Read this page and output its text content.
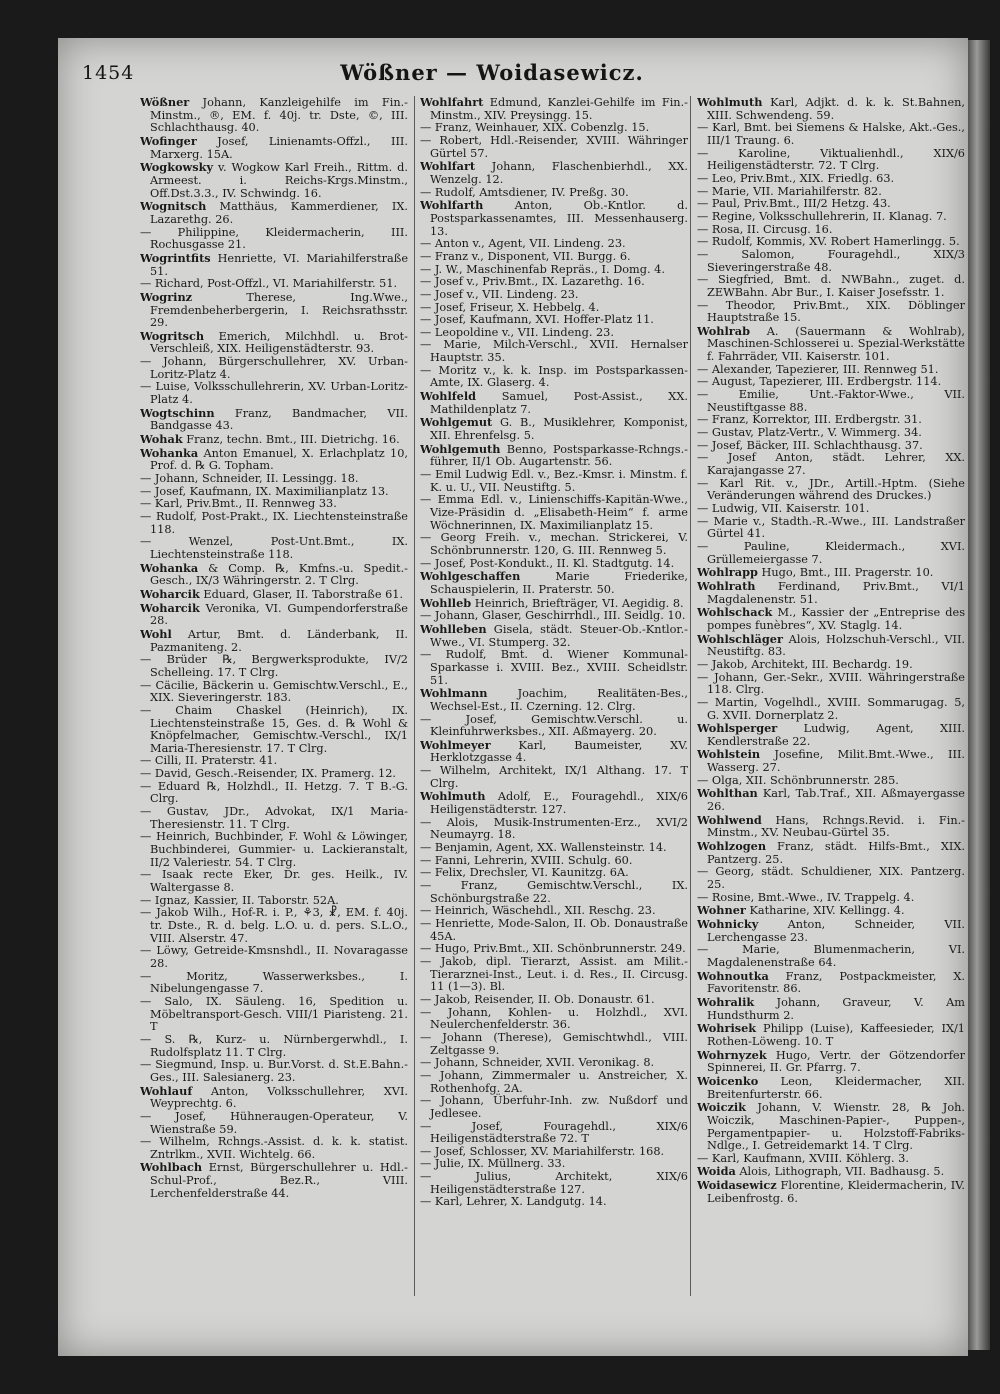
1454	Wößner — Woidasewicz.

Wößner Johann, Kanzleigehilfe im Fin.-Minstm., ®, EM. f. 40j. tr. Dste, ©, III. Schlachthausg. 40.

Wofinger Josef, Linienamts-Offzl., III. Marxerg. 15A.

Wogkowsky v. Wogkow Karl Freih., Rittm. d. Armeest. i. Reichs-Krgs.Minstm., Off.Dst.3.3., IV. Schwindg. 16.

Wognitsch Matthäus, Kammerdiener, IX. Lazarethg. 26.

— Philippine, Kleidermacherin, III. Rochusgasse 21.

Wogrintfits Henriette, VI. Mariahilferstraße 51.

— Richard, Post-Offzl., VI. Mariahilferstr. 51.

Wogrinz Therese, Ing.Wwe., Fremdenbeherbergerin, I. Reichsrathsstr. 29.

Wogritsch Emerich, Milchhdl. u. Brot-Verschleiß, XIX. Heiligenstädterstr. 93.

— Johann, Bürgerschullehrer, XV. Urban-Loritz-Platz 4.

— Luise, Volksschullehrerin, XV. Urban-Loritz-Platz 4.

Wogtschinn Franz, Bandmacher, VII. Bandgasse 43.

Wohak Franz, techn. Bmt., III. Dietrichg. 16.

Wohanka Anton Emanuel, X. Erlachplatz 10, Prof. d. ℞ G. Topham.

— Johann, Schneider, II. Lessingg. 18.

— Josef, Kaufmann, IX. Maximilianplatz 13.

— Karl, Priv.Bmt., II. Rennweg 33.

— Rudolf, Post-Prakt., IX. Liechtensteinstraße 118.

— Wenzel, Post-Unt.Bmt., IX. Liechtensteinstraße 118.

Wohanka & Comp. ℞, Kmfns.-u. Spedit.-Gesch., IX/3 Währingerstr. 2. T Clrg.

Woharcik Eduard, Glaser, II. Taborstraße 61.

Woharcik Veronika, VI. Gumpendorferstraße 28.

Wohl Artur, Bmt. d. Länderbank, II. Pazmaniteng. 2.

— Brüder ℞, Bergwerksprodukte, IV/2 Schelleing. 17. T Clrg.

— Cäcilie, Bäckerin u. Gemischtw.Verschl., E., XIX. Sieveringerstr. 183.

— Chaim Chaskel (Heinrich), IX. Liechtensteinstraße 15, Ges. d. ℞ Wohl & Knöpfelmacher, Gemischtw.-Verschl., IX/1 Maria-Theresienstr. 17. T Clrg.

— Cilli, II. Praterstr. 41.

— David, Gesch.-Reisender, IX. Pramerg. 12.

— Eduard ℞, Holzhdl., II. Hetzg. 7. T B.-G. Clrg.

— Gustav, JDr., Advokat, IX/1 Maria-Theresienstr. 11. T Clrg.

— Heinrich, Buchbinder, F. Wohl & Löwinger, Buchbinderei, Gummier- u. Lackieranstalt, II/2 Valeriestr. 54. T Clrg.

— Isaak recte Eker, Dr. ges. Heilk., IV. Waltergasse 8.

— Ignaz, Kassier, II. Taborstr. 52A.

— Jakob Wilh., Hof-R. i. P., ⚘3, ☧, EM. f. 40j. tr. Dste., R. d. belg. L.O. u. d. pers. S.L.O., VIII. Alserstr. 47.

— Löwy, Getreide-Kmsnshdl., II. Novaragasse 28.

— Moritz, Wasserwerksbes., I. Nibelungengasse 7.

— Salo, IX. Säuleng. 16, Spedition u. Möbeltransport-Gesch. VIII/1 Piaristeng. 21. T

— S. ℞, Kurz- u. Nürnbergerwhdl., I. Rudolfsplatz 11. T Clrg.

— Siegmund, Insp. u. Bur.Vorst. d. St.E.Bahn.-Ges., III. Salesianerg. 23.

Wohlauf Anton, Volksschullehrer, XVI. Weyprechtg. 6.

— Josef, Hühneraugen-Operateur, V. Wienstraße 59.

— Wilhelm, Rchngs.-Assist. d. k. k. statist. Zntrlkm., XVII. Wichtelg. 66.

Wohlbach Ernst, Bürgerschullehrer u. Hdl.-Schul-Prof., Bez.R., VIII. Lerchenfelderstraße 44.

Wohlfahrt Edmund, Kanzlei-Gehilfe im Fin.-Minstm., XIV. Preysingg. 15.

— Franz, Weinhauer, XIX. Cobenzlg. 15.

— Robert, Hdl.-Reisender, XVIII. Währinger Gürtel 57.

Wohlfart Johann, Flaschenbierhdl., XX. Wenzelg. 12.

— Rudolf, Amtsdiener, IV. Preßg. 30.

Wohlfarth Anton, Ob.-Kntlor. d. Postsparkassenamtes, III. Messenhauserg. 13.

— Anton v., Agent, VII. Lindeng. 23.

— Franz v., Disponent, VII. Burgg. 6.

— J. W., Maschinenfab Repräs., I. Domg. 4.

— Josef v., Priv.Bmt., IX. Lazarethg. 16.

— Josef v., VII. Lindeng. 23.

— Josef, Friseur, X. Hebbelg. 4.

— Josef, Kaufmann, XVI. Hoffer-Platz 11.

— Leopoldine v., VII. Lindeng. 23.

— Marie, Milch-Verschl., XVII. Hernalser Hauptstr. 35.

— Moritz v., k. k. Insp. im Postsparkassen-Amte, IX. Glaserg. 4.

Wohlfeld Samuel, Post-Assist., XX. Mathildenplatz 7.

Wohlgemut G. B., Musiklehrer, Komponist, XII. Ehrenfelsg. 5.

Wohlgemuth Benno, Postsparkasse-Rchngs.-führer, II/1 Ob. Augartenstr. 56.

— Emil Ludwig Edl. v., Bez.-Kmsr. i. Minstm. f. K. u. U., VII. Neustiftg. 5.

— Emma Edl. v., Linienschiffs-Kapitän-Wwe., Vize-Präsidin d. „Elisabeth-Heim“ f. arme Wöchnerinnen, IX. Maximilianplatz 15.

— Georg Freih. v., mechan. Strickerei, V. Schönbrunnerstr. 120, G. III. Rennweg 5.

— Josef, Post-Kondukt., II. Kl. Stadtgutg. 14.

Wohlgeschaffen Marie Friederike, Schauspielerin, II. Praterstr. 50.

Wohlleb Heinrich, Briefträger, VI. Aegidig. 8.

— Johann, Glaser, Geschirrhdl., III. Seidlg. 10.

Wohlleben Gisela, städt. Steuer-Ob.-Kntlor.-Wwe., VI. Stumperg. 32.

— Rudolf, Bmt. d. Wiener Kommunal-Sparkasse i. XVIII. Bez., XVIII. Scheidlstr. 51.

Wohlmann Joachim, Realitäten-Bes., Wechsel-Est., II. Czerning. 12. Clrg.

— Josef, Gemischtw.Verschl. u. Kleinfuhrwerksbes., XII. Aßmayerg. 20.

Wohlmeyer Karl, Baumeister, XV. Herklotzgasse 4.

— Wilhelm, Architekt, IX/1 Althang. 17. T Clrg.

Wohlmuth Adolf, E., Fouragehdl., XIX/6 Heiligenstädterstr. 127.

— Alois, Musik-Instrumenten-Erz., XVI/2 Neumayrg. 18.

— Benjamin, Agent, XX. Wallensteinstr. 14.

— Fanni, Lehrerin, XVIII. Schulg. 60.

— Felix, Drechsler, VI. Kaunitzg. 6A.

— Franz, Gemischtw.Verschl., IX. Schönburgstraße 22.

— Heinrich, Wäschehdl., XII. Reschg. 23.

— Henriette, Mode-Salon, II. Ob. Donaustraße 45A.

— Hugo, Priv.Bmt., XII. Schönbrunnerstr. 249.

— Jakob, dipl. Tierarzt, Assist. am Milit.-Tierarznei-Inst., Leut. i. d. Res., II. Circusg. 11 (1—3). Bl.

— Jakob, Reisender, II. Ob. Donaustr. 61.

— Johann, Kohlen- u. Holzhdl., XVI. Neulerchenfelderstr. 36.

— Johann (Therese), Gemischtwhdl., VIII. Zeltgasse 9.

— Johann, Schneider, XVII. Veronikag. 8.

— Johann, Zimmermaler u. Anstreicher, X. Rothenhofg. 2A.

— Johann, Überfuhr-Inh. zw. Nußdorf und Jedlesee.

— Josef, Fouragehdl., XIX/6 Heiligenstädterstraße 72. T

— Josef, Schlosser, XV. Mariahilferstr. 168.

— Julie, IX. Müllnerg. 33.

— Julius, Architekt, XIX/6 Heiligenstädterstraße 127.

— Karl, Lehrer, X. Landgutg. 14.

Wohlmuth Karl, Adjkt. d. k. k. St.Bahnen, XIII. Schwendeng. 59.

— Karl, Bmt. bei Siemens & Halske, Akt.-Ges., III/1 Traung. 6.

— Karoline, Viktualienhdl., XIX/6 Heiligenstädterstr. 72. T Clrg.

— Leo, Priv.Bmt., XIX. Friedlg. 63.

— Marie, VII. Mariahilferstr. 82.

— Paul, Priv.Bmt., III/2 Hetzg. 43.

— Regine, Volksschullehrerin, II. Klanag. 7.

— Rosa, II. Circusg. 16.

— Rudolf, Kommis, XV. Robert Hamerlingg. 5.

— Salomon, Fouragehdl., XIX/3 Sieveringerstraße 48.

— Siegfried, Bmt. d. NWBahn., zuget. d. ZEWBahn. Abr Bur., I. Kaiser Josefsstr. 1.

— Theodor, Priv.Bmt., XIX. Döblinger Hauptstraße 15.

Wohlrab A. (Sauermann & Wohlrab), Maschinen-Schlosserei u. Spezial-Werkstätte f. Fahrräder, VII. Kaiserstr. 101.

— Alexander, Tapezierer, III. Rennweg 51.

— August, Tapezierer, III. Erdbergstr. 114.

— Emilie, Unt.-Faktor-Wwe., VII. Neustiftgasse 88.

— Franz, Korrektor, III. Erdbergstr. 31.

— Gustav, Platz-Vertr., V. Wimmerg. 34.

— Josef, Bäcker, III. Schlachthausg. 37.

— Josef Anton, städt. Lehrer, XX. Karajangasse 27.

— Karl Rit. v., JDr., Artill.-Hptm. (Siehe Veränderungen während des Druckes.)

— Ludwig, VII. Kaiserstr. 101.

— Marie v., Stadth.-R.-Wwe., III. Landstraßer Gürtel 41.

— Pauline, Kleidermach., XVI. Grüllemeiergasse 7.

Wohlrapp Hugo, Bmt., III. Pragerstr. 10.

Wohlrath Ferdinand, Priv.Bmt., VI/1 Magdalenenstr. 51.

Wohlschack M., Kassier der „Entreprise des pompes funèbres“, XV. Staglg. 14.

Wohlschläger Alois, Holzschuh-Verschl., VII. Neustiftg. 83.

— Jakob, Architekt, III. Bechardg. 19.

— Johann, Ger.-Sekr., XVIII. Währingerstraße 118. Clrg.

— Martin, Vogelhdl., XVIII. Sommarugag. 5, G. XVII. Dornerplatz 2.

Wohlsperger Ludwig, Agent, XIII. Kendlerstraße 22.

Wohlstein Josefine, Milit.Bmt.-Wwe., III. Wasserg. 27.

— Olga, XII. Schönbrunnerstr. 285.

Wohlthan Karl, Tab.Traf., XII. Aßmayergasse 26.

Wohlwend Hans, Rchngs.Revid. i. Fin.-Minstm., XV. Neubau-Gürtel 35.

Wohlzogen Franz, städt. Hilfs-Bmt., XIX. Pantzerg. 25.

— Georg, städt. Schuldiener, XIX. Pantzerg. 25.

— Rosine, Bmt.-Wwe., IV. Trappelg. 4.

Wohner Katharine, XIV. Kellingg. 4.

Wohnicky Anton, Schneider, VII. Lerchengasse 23.

— Marie, Blumenmacherin, VI. Magdalenenstraße 64.

Wohnoutka Franz, Postpackmeister, X. Favoritenstr. 86.

Wohralik Johann, Graveur, V. Am Hundsthurm 2.

Wohrisek Philipp (Luise), Kaffeesieder, IX/1 Rothen-Löweng. 10. T

Wohrnyzek Hugo, Vertr. der Götzendorfer Spinnerei, II. Gr. Pfarrg. 7.

Woicenko Leon, Kleidermacher, XII. Breitenfurterstr. 66.

Woiczik Johann, V. Wienstr. 28, ℞ Joh. Woiczik, Maschinen-Papier-, Puppen-, Pergamentpapier- u. Holzstoff-Fabriks-Ndlge., I. Getreidemarkt 14. T Clrg.

— Karl, Kaufmann, XVIII. Köhlerg. 3.

Woida Alois, Lithograph, VII. Badhausg. 5.

Woidasewicz Florentine, Kleidermacherin, IV. Leibenfrostg. 6.
